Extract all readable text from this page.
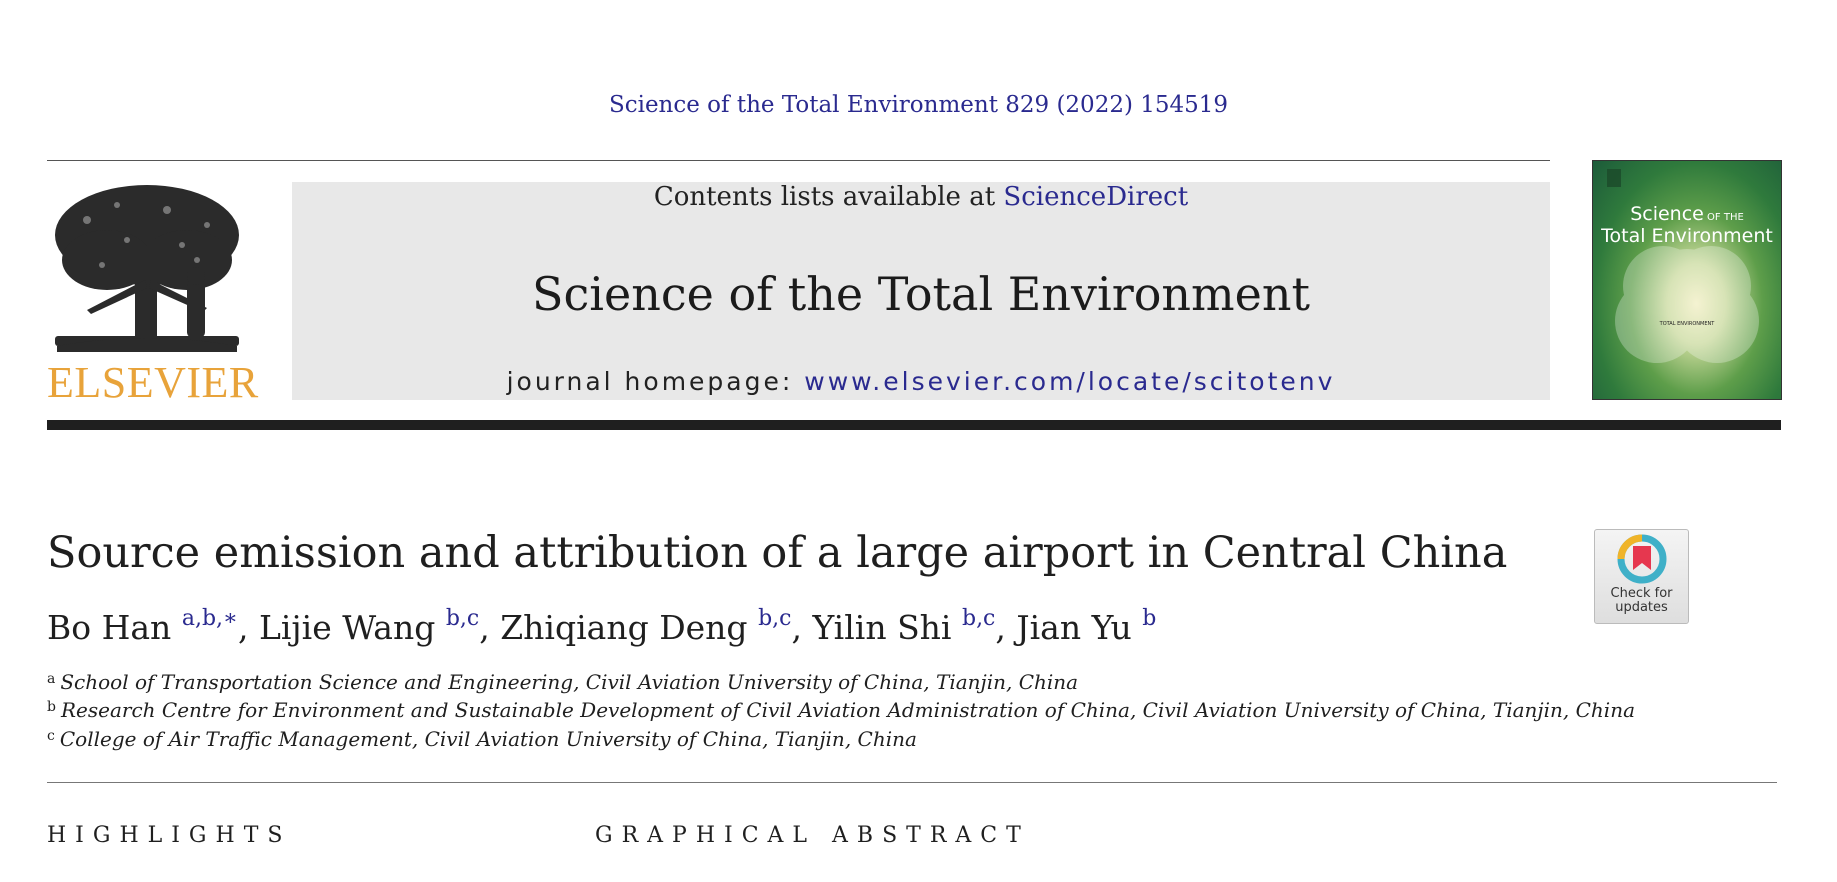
Science of the Total Environment 829 (2022) 154519
ELSEVIER
Contents lists available at ScienceDirect
Science of the Total Environment
journal homepage: www.elsevier.com/locate/scitotenv
Science OF THE
Total Environment
TOTAL ENVIRONMENT
Source emission and attribution of a large airport in Central China
Bo Han $^{a,b,∗}$, Lijie Wang $^{b,c}$, Zhiqiang Deng $^{b,c}$, Yilin Shi $^{b,c}$, Jian Yu $^b$
$^a$ School of Transportation Science and Engineering, Civil Aviation University of China, Tianjin, China
$^b$ Research Centre for Environment and Sustainable Development of Civil Aviation Administration of China, Civil Aviation University of China, Tianjin, China
$^c$ College of Air Traffic Management, Civil Aviation University of China, Tianjin, China
Check for
updates
HIGHLIGHTS	GRAPHICAL ABSTRACT
